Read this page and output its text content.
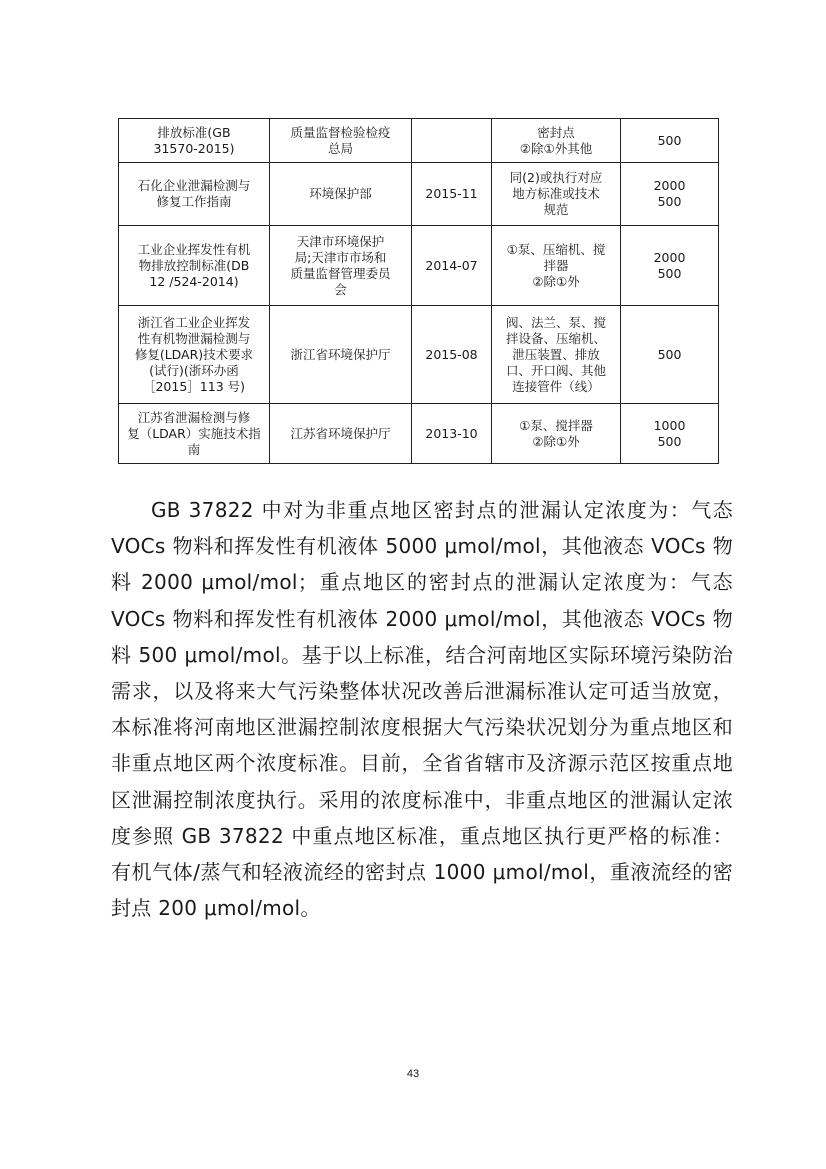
排放标准(GB
31570-2015)	质量监督检验检疫
总局		密封点
②除①外其他	500
石化企业泄漏检测与
修复工作指南	环境保护部	2015-11	同(2)或执行对应
地方标准或技术
规范	2000
500
工业企业挥发性有机
物排放控制标准(DB
12 /524-2014)	天津市环境保护
局;天津市市场和
质量监督管理委员
会	2014-07	①泵、压缩机、搅
拌器
②除①外	2000
500
浙江省工业企业挥发
性有机物泄漏检测与
修复(LDAR)技术要求
(试行)(浙环办函
［2015］113 号)	浙江省环境保护厅	2015-08	阀、法兰、泵、搅
拌设备、压缩机、
泄压装置、排放
口、开口阀、其他
连接管件（线）	500
江苏省泄漏检测与修
复（LDAR）实施技术指
南	江苏省环境保护厅	2013-10	①泵、搅拌器
②除①外	1000
500

GB 37822 中对为非重点地区密封点的泄漏认定浓度为：气态 VOCs 物料和挥发性有机液体 5000 μmol/mol，其他液态 VOCs 物料 2000 μmol/mol；重点地区的密封点的泄漏认定浓度为：气态 VOCs 物料和挥发性有机液体 2000 μmol/mol，其他液态 VOCs 物料 500 μmol/mol。基于以上标准，结合河南地区实际环境污染防治需求，以及将来大气污染整体状况改善后泄漏标准认定可适当放宽，本标准将河南地区泄漏控制浓度根据大气污染状况划分为重点地区和非重点地区两个浓度标准。目前，全省省辖市及济源示范区按重点地区泄漏控制浓度执行。采用的浓度标准中，非重点地区的泄漏认定浓度参照 GB 37822 中重点地区标准，重点地区执行更严格的标准：有机气体/蒸气和轻液流经的密封点 1000 μmol/mol，重液流经的密封点 200 μmol/mol。

43
